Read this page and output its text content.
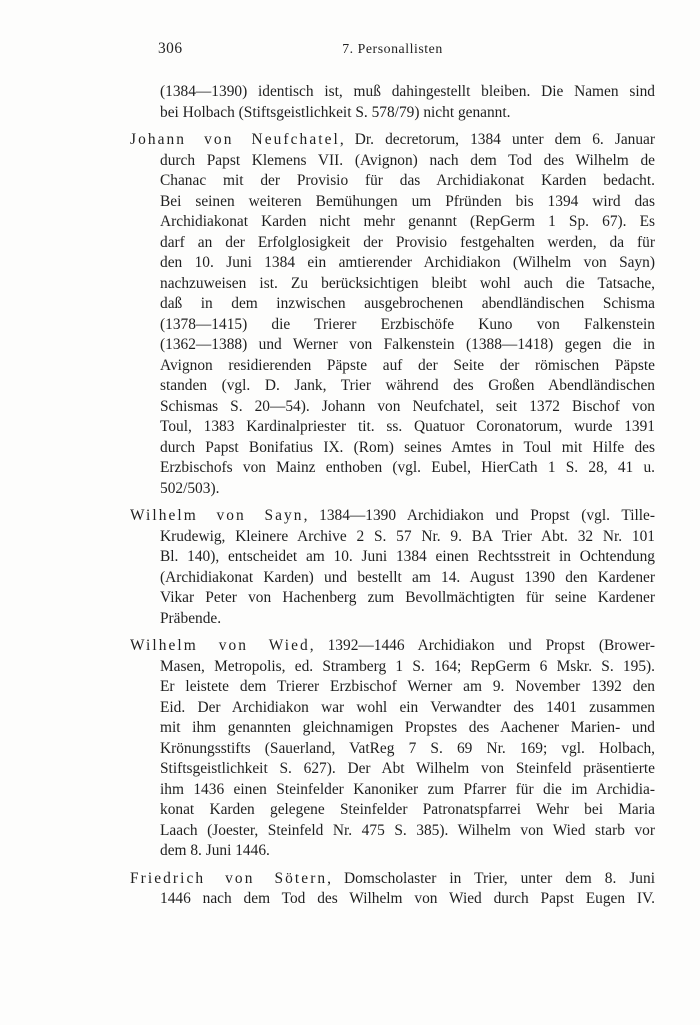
306	7. Personallisten
(1384—1390) identisch ist, muß dahingestellt bleiben. Die Namen sind
bei Holbach (Stiftsgeistlichkeit S. 578/79) nicht genannt.
Johann von Neufchatel, Dr. decretorum, 1384 unter dem 6. Januar
durch Papst Klemens VII. (Avignon) nach dem Tod des Wilhelm de
Chanac mit der Provisio für das Archidiakonat Karden bedacht.
Bei seinen weiteren Bemühungen um Pfründen bis 1394 wird das
Archidiakonat Karden nicht mehr genannt (RepGerm 1 Sp. 67). Es
darf an der Erfolglosigkeit der Provisio festgehalten werden, da für
den 10. Juni 1384 ein amtierender Archidiakon (Wilhelm von Sayn)
nachzuweisen ist. Zu berücksichtigen bleibt wohl auch die Tatsache,
daß in dem inzwischen ausgebrochenen abendländischen Schisma
(1378—1415) die Trierer Erzbischöfe Kuno von Falkenstein
(1362—1388) und Werner von Falkenstein (1388—1418) gegen die in
Avignon residierenden Päpste auf der Seite der römischen Päpste
standen (vgl. D. Jank, Trier während des Großen Abendländischen
Schismas S. 20—54). Johann von Neufchatel, seit 1372 Bischof von
Toul, 1383 Kardinalpriester tit. ss. Quatuor Coronatorum, wurde 1391
durch Papst Bonifatius IX. (Rom) seines Amtes in Toul mit Hilfe des
Erzbischofs von Mainz enthoben (vgl. Eubel, HierCath 1 S. 28, 41 u.
502/503).
Wilhelm von Sayn, 1384—1390 Archidiakon und Propst (vgl. Tille-
Krudewig, Kleinere Archive 2 S. 57 Nr. 9. BA Trier Abt. 32 Nr. 101
Bl. 140), entscheidet am 10. Juni 1384 einen Rechtsstreit in Ochtendung
(Archidiakonat Karden) und bestellt am 14. August 1390 den Kardener
Vikar Peter von Hachenberg zum Bevollmächtigten für seine Kardener
Präbende.
Wilhelm von Wied, 1392—1446 Archidiakon und Propst (Brower-
Masen, Metropolis, ed. Stramberg 1 S. 164; RepGerm 6 Mskr. S. 195).
Er leistete dem Trierer Erzbischof Werner am 9. November 1392 den
Eid. Der Archidiakon war wohl ein Verwandter des 1401 zusammen
mit ihm genannten gleichnamigen Propstes des Aachener Marien- und
Krönungsstifts (Sauerland, VatReg 7 S. 69 Nr. 169; vgl. Holbach,
Stiftsgeistlichkeit S. 627). Der Abt Wilhelm von Steinfeld präsentierte
ihm 1436 einen Steinfelder Kanoniker zum Pfarrer für die im Archidia-
konat Karden gelegene Steinfelder Patronatspfarrei Wehr bei Maria
Laach (Joester, Steinfeld Nr. 475 S. 385). Wilhelm von Wied starb vor
dem 8. Juni 1446.
Friedrich von Sötern, Domscholaster in Trier, unter dem 8. Juni
1446 nach dem Tod des Wilhelm von Wied durch Papst Eugen IV.
